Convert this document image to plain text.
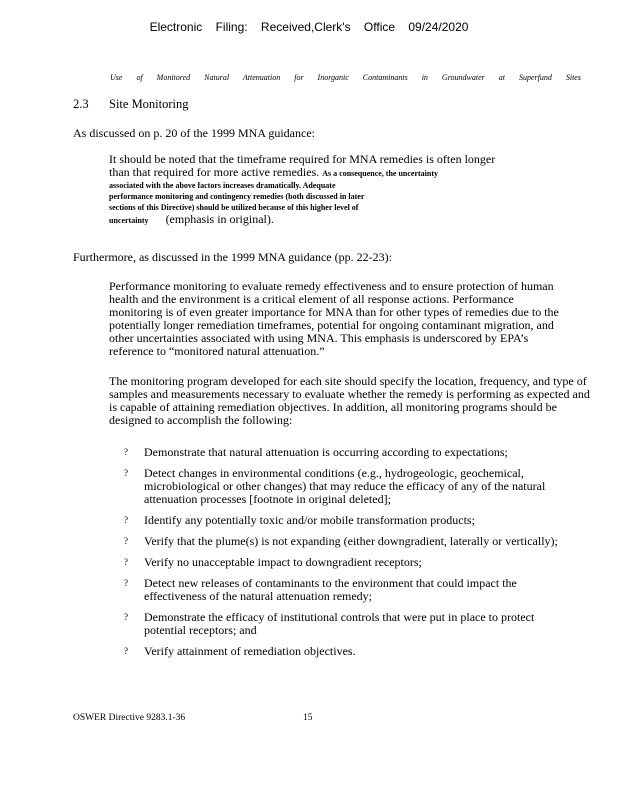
Electronic Filing: Received,Clerk's Office 09/24/2020
Use of Monitored Natural Attenuation for Inorganic Contaminants in Groundwater at Superfund Sites
2.3 Site Monitoring
As discussed on p. 20 of the 1999 MNA guidance:
It should be noted that the timeframe required for MNA remedies is often longer
than that required for more active remedies. As a consequence, the uncertainty
associated with the above factors increases dramatically. Adequate
performance monitoring and contingency remedies (both discussed in later
sections of this Directive) should be utilized because of this higher level of
uncertainty (emphasis in original).
Furthermore, as discussed in the 1999 MNA guidance (pp. 22-23):
Performance monitoring to evaluate remedy effectiveness and to ensure protection of human health and the environment is a critical element of all response actions. Performance monitoring is of even greater importance for MNA than for other types of remedies due to the potentially longer remediation timeframes, potential for ongoing contaminant migration, and other uncertainties associated with using MNA. This emphasis is underscored by EPA’s reference to “monitored natural attenuation.”
The monitoring program developed for each site should specify the location, frequency, and type of samples and measurements necessary to evaluate whether the remedy is performing as expected and is capable of attaining remediation objectives. In addition, all monitoring programs should be designed to accomplish the following:
? Demonstrate that natural attenuation is occurring according to expectations;
? Detect changes in environmental conditions (e.g., hydrogeologic, geochemical, microbiological or other changes) that may reduce the efficacy of any of the natural attenuation processes [footnote in original deleted];
? Identify any potentially toxic and/or mobile transformation products;
? Verify that the plume(s) is not expanding (either downgradient, laterally or vertically);
? Verify no unacceptable impact to downgradient receptors;
? Detect new releases of contaminants to the environment that could impact the effectiveness of the natural attenuation remedy;
? Demonstrate the efficacy of institutional controls that were put in place to protect potential receptors; and
? Verify attainment of remediation objectives.
OSWER Directive 9283.1-36	15
